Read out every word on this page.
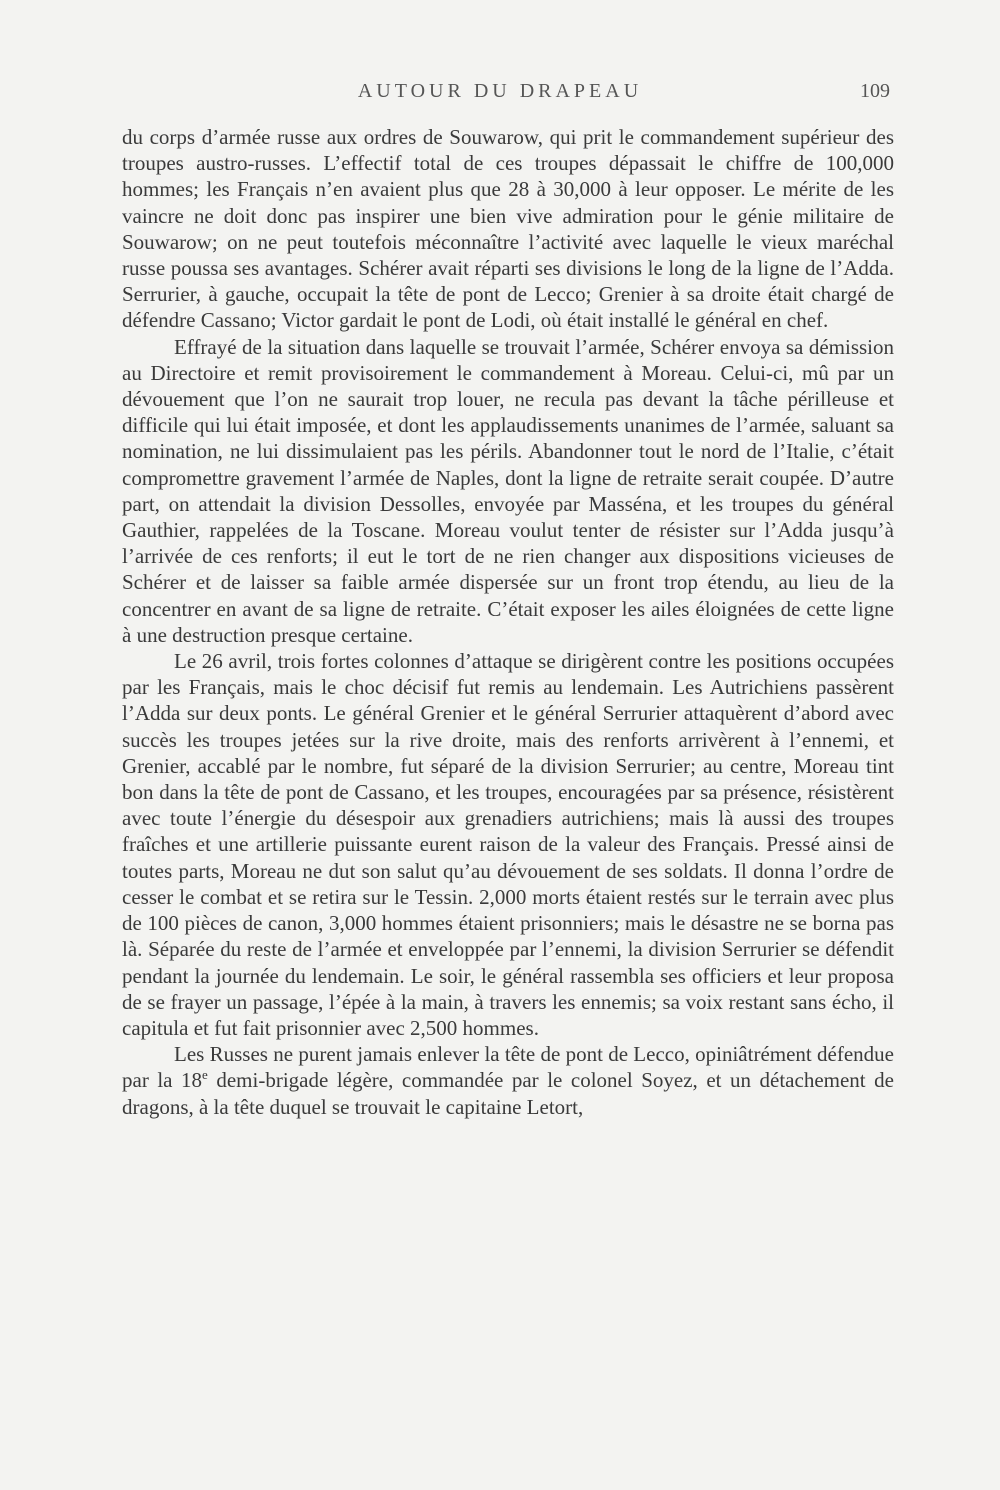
AUTOUR DU DRAPEAU	109

du corps d’armée russe aux ordres de Souwarow, qui prit le commandement supérieur des troupes austro-russes. L’effectif total de ces troupes dépassait le chiffre de 100,000 hommes; les Français n’en avaient plus que 28 à 30,000 à leur opposer. Le mérite de les vaincre ne doit donc pas inspirer une bien vive admiration pour le génie militaire de Souwarow; on ne peut toutefois méconnaître l’activité avec laquelle le vieux maréchal russe poussa ses avantages. Schérer avait réparti ses divisions le long de la ligne de l’Adda. Serrurier, à gauche, occupait la tête de pont de Lecco; Grenier à sa droite était chargé de défendre Cassano; Victor gardait le pont de Lodi, où était installé le général en chef.

Effrayé de la situation dans laquelle se trouvait l’armée, Schérer envoya sa démission au Directoire et remit provisoirement le commandement à Moreau. Celui-ci, mû par un dévouement que l’on ne saurait trop louer, ne recula pas devant la tâche périlleuse et difficile qui lui était imposée, et dont les applaudissements unanimes de l’armée, saluant sa nomination, ne lui dissimulaient pas les périls. Abandonner tout le nord de l’Italie, c’était compromettre gravement l’armée de Naples, dont la ligne de retraite serait coupée. D’autre part, on attendait la division Dessolles, envoyée par Masséna, et les troupes du général Gauthier, rappelées de la Toscane. Moreau voulut tenter de résister sur l’Adda jusqu’à l’arrivée de ces renforts; il eut le tort de ne rien changer aux dispositions vicieuses de Schérer et de laisser sa faible armée dispersée sur un front trop étendu, au lieu de la concentrer en avant de sa ligne de retraite. C’était exposer les ailes éloignées de cette ligne à une destruction presque certaine.

Le 26 avril, trois fortes colonnes d’attaque se dirigèrent contre les positions occupées par les Français, mais le choc décisif fut remis au lendemain. Les Autrichiens passèrent l’Adda sur deux ponts. Le général Grenier et le général Serrurier attaquèrent d’abord avec succès les troupes jetées sur la rive droite, mais des renforts arrivèrent à l’ennemi, et Grenier, accablé par le nombre, fut séparé de la division Serrurier; au centre, Moreau tint bon dans la tête de pont de Cassano, et les troupes, encouragées par sa présence, résistèrent avec toute l’énergie du désespoir aux grenadiers autrichiens; mais là aussi des troupes fraîches et une artillerie puissante eurent raison de la valeur des Français. Pressé ainsi de toutes parts, Moreau ne dut son salut qu’au dévouement de ses soldats. Il donna l’ordre de cesser le combat et se retira sur le Tessin. 2,000 morts étaient restés sur le terrain avec plus de 100 pièces de canon, 3,000 hommes étaient prisonniers; mais le désastre ne se borna pas là. Séparée du reste de l’armée et enveloppée par l’ennemi, la division Serrurier se défendit pendant la journée du lendemain. Le soir, le général rassembla ses officiers et leur proposa de se frayer un passage, l’épée à la main, à travers les ennemis; sa voix restant sans écho, il capitula et fut fait prisonnier avec 2,500 hommes.

Les Russes ne purent jamais enlever la tête de pont de Lecco, opiniâtrément défendue par la 18e demi-brigade légère, commandée par le colonel Soyez, et un détachement de dragons, à la tête duquel se trouvait le capitaine Letort,
